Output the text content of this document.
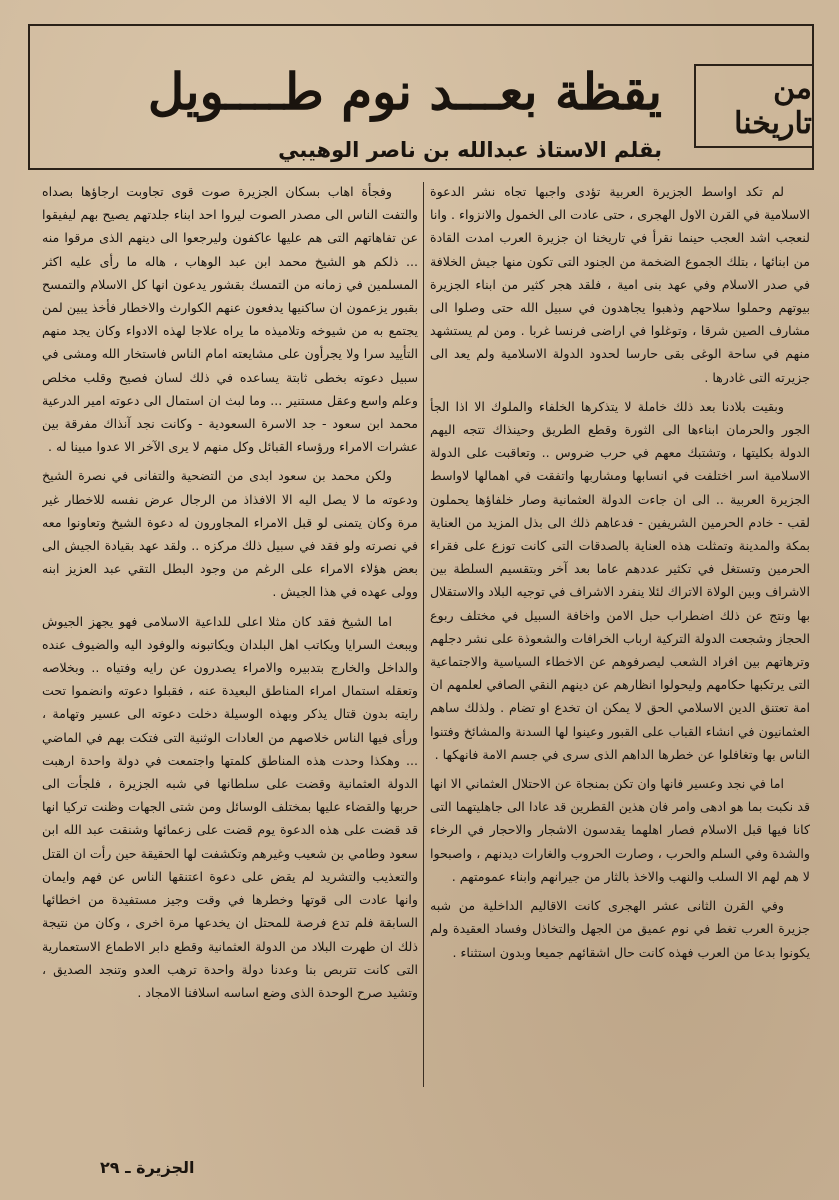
من تاريخنا
يقظة بعـــد نوم طــــويل
بقلم الاستاذ عبدالله بن ناصر الوهيبي

لم تكد اواسط الجزيرة العربية تؤدى واجبها تجاه نشر الدعوة الاسلامية في القرن الاول الهجرى ، حتى عادت الى الخمول والانزواء . وانا لنعجب اشد العجب حينما نقرأ في تاريخنا ان جزيرة العرب امدت القادة من ابنائها ، بتلك الجموع الضخمة من الجنود التى تكون منها جيش الخلافة في صدر الاسلام وفي عهد بنى امية ، فلقد هجر كثير من ابناء الجزيرة بيوتهم وحملوا سلاحهم وذهبوا يجاهدون في سبيل الله حتى وصلوا الى مشارف الصين شرقا ، وتوغلوا في اراضى فرنسا غربا . ومن لم يستشهد منهم في ساحة الوغى بقى حارسا لحدود الدولة الاسلامية ولم يعد الى جزيرته التى غادرها .

وبقيت بلادنا بعد ذلك خاملة لا يتذكرها الخلفاء والملوك الا اذا الجأ الجور والحرمان ابناءها الى الثورة وقطع الطريق وحينذاك تتجه اليهم الدولة بكليتها ، وتشتبك معهم في حرب ضروس .. وتعاقبت على الدولة الاسلامية اسر اختلفت في انسابها ومشاربها واتفقت في اهمالها لاواسط الجزيرة العربية .. الى ان جاءت الدولة العثمانية وصار خلفاؤها يحملون لقب - خادم الحرمين الشريفين - فدعاهم ذلك الى بذل المزيد من العناية بمكة والمدينة وتمثلت هذه العناية بالصدقات التى كانت توزع على فقراء الحرمين وتستغل في تكثير عددهم عاما بعد آخر وبتقسيم السلطة بين الاشراف وبين الولاة الاتراك لئلا ينفرد الاشراف في توجيه البلاد والاستقلال بها ونتج عن ذلك اضطراب حبل الامن واخافة السبيل في مختلف ربوع الحجاز وشجعت الدولة التركية ارباب الخرافات والشعوذة على نشر دجلهم وترهاتهم بين افراد الشعب ليصرفوهم عن الاخطاء السياسية والاجتماعية التى يرتكبها حكامهم وليحولوا انظارهم عن دينهم النقي الصافي لعلمهم ان امة تعتنق الدين الاسلامي الحق لا يمكن ان تخدع او تضام . ولذلك ساهم العثمانيون في انشاء القباب على القبور وعينوا لها السدنة والمشائخ وفتنوا الناس بها وتغافلوا عن خطرها الداهم الذى سرى في جسم الامة فانهكها .

اما في نجد وعسير فانها وان تكن بمنجاة عن الاحتلال العثماني الا انها قد نكبت بما هو ادهى وامر فان هذين القطرين قد عادا الى جاهليتهما التى كانا فيها قبل الاسلام فصار اهلهما يقدسون الاشجار والاحجار في الرخاء والشدة وفي السلم والحرب ، وصارت الحروب والغارات ديدنهم ، واصبحوا لا هم لهم الا السلب والنهب والاخذ بالثار من جيرانهم وابناء عمومتهم .

وفي القرن الثانى عشر الهجرى كانت الاقاليم الداخلية من شبه جزيرة العرب تغط في نوم عميق من الجهل والتخاذل وفساد العقيدة ولم يكونوا بدعا من العرب فهذه كانت حال اشقائهم جميعا وبدون استثناء .

وفجأة اهاب بسكان الجزيرة صوت قوى تجاوبت ارجاؤها بصداه والتفت الناس الى مصدر الصوت ليروا احد ابناء جلدتهم يصيح بهم ليفيقوا عن تفاهاتهم التى هم عليها عاكفون وليرجعوا الى دينهم الذى مرقوا منه ... ذلكم هو الشيخ محمد ابن عبد الوهاب ، هاله ما رأى عليه اكثر المسلمين في زمانه من التمسك بقشور يدعون انها كل الاسلام والتمسح بقبور يزعمون ان ساكنيها يدفعون عنهم الكوارث والاخطار فأخذ يبين لمن يجتمع به من شيوخه وتلاميذه ما يراه علاجا لهذه الادواء وكان يجد منهم التأييد سرا ولا يجرأون على مشايعته امام الناس فاستخار الله ومشى في سبيل دعوته بخطى ثابتة يساعده في ذلك لسان فصيح وقلب مخلص وعلم واسع وعقل مستنير ... وما لبث ان استمال الى دعوته امير الدرعية محمد ابن سعود - جد الاسرة السعودية - وكانت نجد آنذاك مفرقة بين عشرات الامراء ورؤساء القبائل وكل منهم لا يرى الآخر الا عدوا مبينا له .

ولكن محمد بن سعود ابدى من التضحية والتفانى في نصرة الشيخ ودعوته ما لا يصل اليه الا الافذاذ من الرجال عرض نفسه للاخطار غير مرة وكان يتمنى لو قبل الامراء المجاورون له دعوة الشيخ وتعاونوا معه في نصرته ولو فقد في سبيل ذلك مركزه .. ولقد عهد بقيادة الجيش الى بعض هؤلاء الامراء على الرغم من وجود البطل التقي عبد العزيز ابنه وولى عهده في هذا الجيش .

اما الشيخ فقد كان مثلا اعلى للداعية الاسلامى فهو يجهز الجيوش ويبعث السرايا ويكاتب اهل البلدان ويكاتبونه والوفود اليه والضيوف عنده والداخل والخارج بتدبيره والامراء يصدرون عن رايه وفتياه .. وبخلاصه وتعقله استمال امراء المناطق البعيدة عنه ، فقبلوا دعوته وانضموا تحت رايته بدون قتال يذكر وبهذه الوسيلة دخلت دعوته الى عسير وتهامة ، ورأى فيها الناس خلاصهم من العادات الوثنية التى فتكت بهم في الماضي ... وهكذا وحدت هذه المناطق كلمتها واجتمعت في دولة واحدة ارهبت الدولة العثمانية وقضت على سلطانها في شبه الجزيرة ، فلجأت الى حربها والقضاء عليها بمختلف الوسائل ومن شتى الجهات وظنت تركيا انها قد قضت على هذه الدعوة يوم قضت على زعمائها وشنقت عبد الله ابن سعود وطامي بن شعيب وغيرهم وتكشفت لها الحقيقة حين رأت ان القتل والتعذيب والتشريد لم يقض على دعوة اعتنقها الناس عن فهم وايمان وانها عادت الى قوتها وخطرها في وقت وجيز مستفيدة من اخطائها السابقة فلم تدع فرصة للمحتل ان يخدعها مرة اخرى ، وكان من نتيجة ذلك ان طهرت البلاد من الدولة العثمانية وقطع دابر الاطماع الاستعمارية التى كانت تتربص بنا وعدنا دولة واحدة ترهب العدو وتنجد الصديق ، وتشيد صرح الوحدة الذى وضع اساسه اسلافنا الامجاد .

الجزيرة ـ ٢٩
